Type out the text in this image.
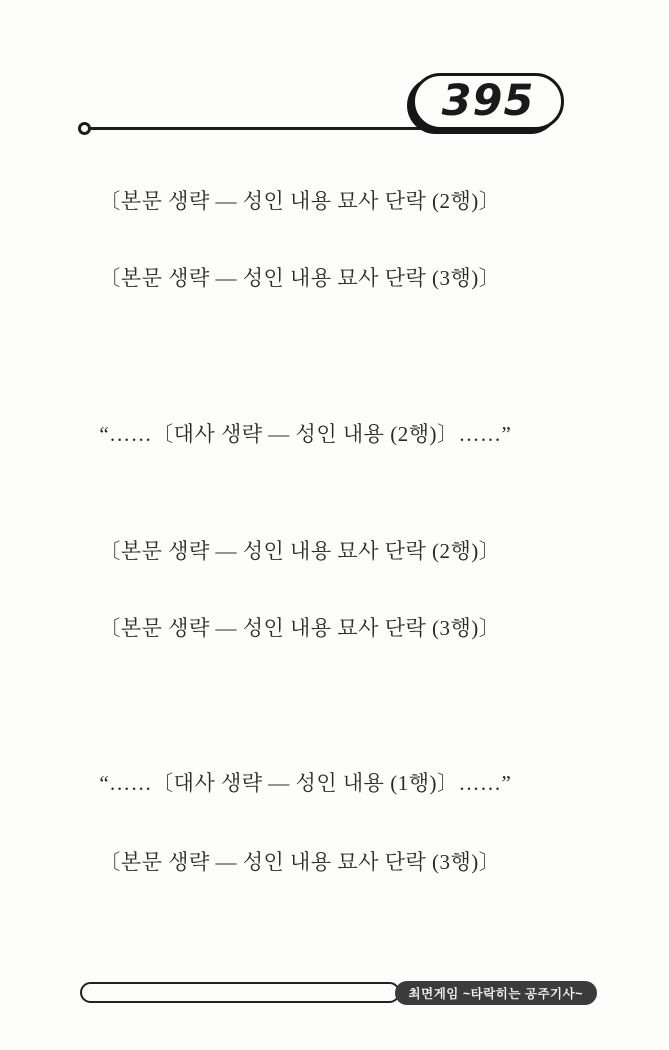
395

〔본문 생략 — 성인 내용 묘사 단락 (2행)〕

〔본문 생략 — 성인 내용 묘사 단락 (3행)〕

“……〔대사 생략 — 성인 내용 (2행)〕……”

〔본문 생략 — 성인 내용 묘사 단락 (2행)〕

〔본문 생략 — 성인 내용 묘사 단락 (3행)〕

“……〔대사 생략 — 성인 내용 (1행)〕……”

〔본문 생략 — 성인 내용 묘사 단락 (3행)〕

최면게임 ~타락히는 공주기사~
